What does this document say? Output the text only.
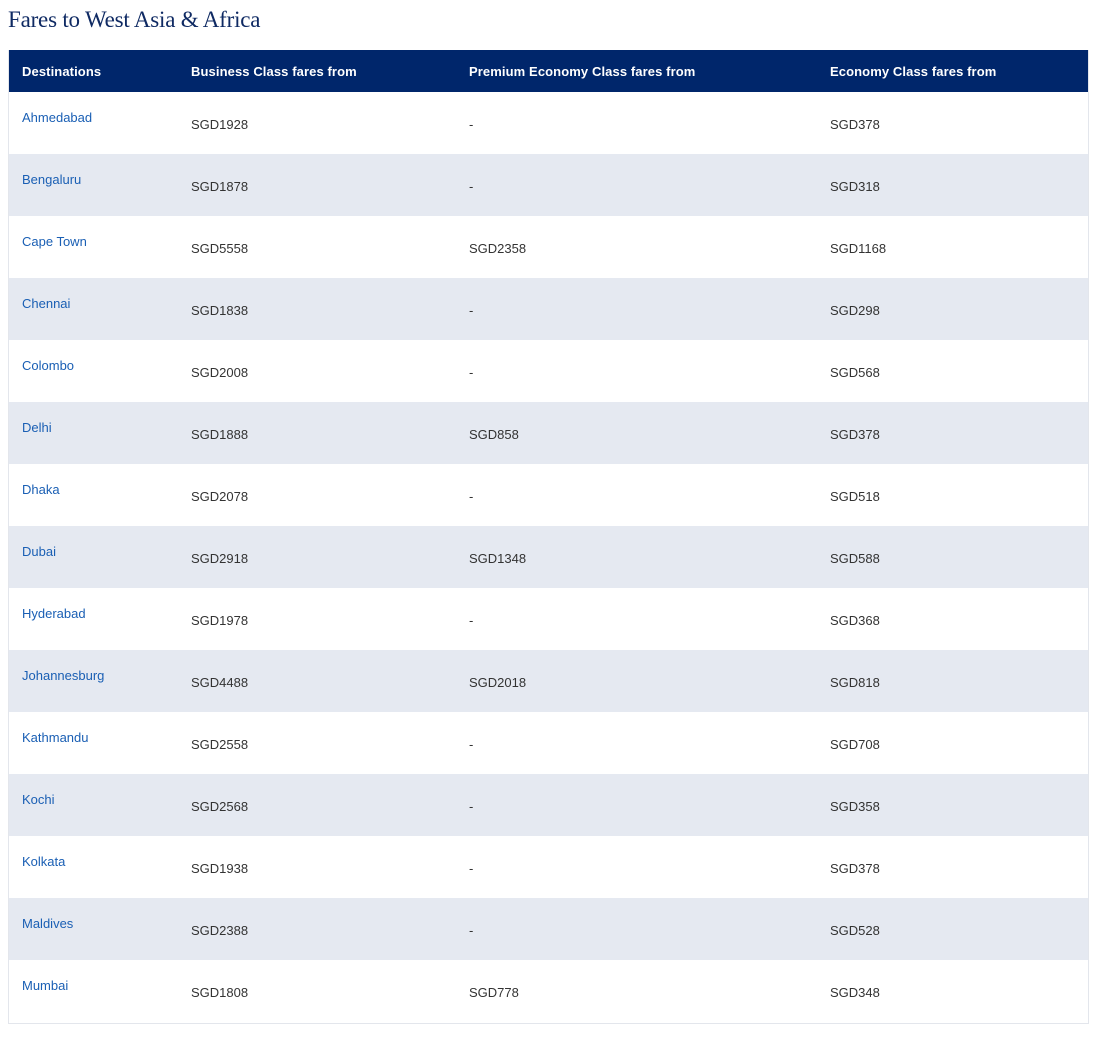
Fares to West Asia & Africa
Destinations	Business Class fares from	Premium Economy Class fares from	Economy Class fares from
Ahmedabad	SGD1928	-	SGD378
Bengaluru	SGD1878	-	SGD318
Cape Town	SGD5558	SGD2358	SGD1168
Chennai	SGD1838	-	SGD298
Colombo	SGD2008	-	SGD568
Delhi	SGD1888	SGD858	SGD378
Dhaka	SGD2078	-	SGD518
Dubai	SGD2918	SGD1348	SGD588
Hyderabad	SGD1978	-	SGD368
Johannesburg	SGD4488	SGD2018	SGD818
Kathmandu	SGD2558	-	SGD708
Kochi	SGD2568	-	SGD358
Kolkata	SGD1938	-	SGD378
Maldives	SGD2388	-	SGD528
Mumbai	SGD1808	SGD778	SGD348
